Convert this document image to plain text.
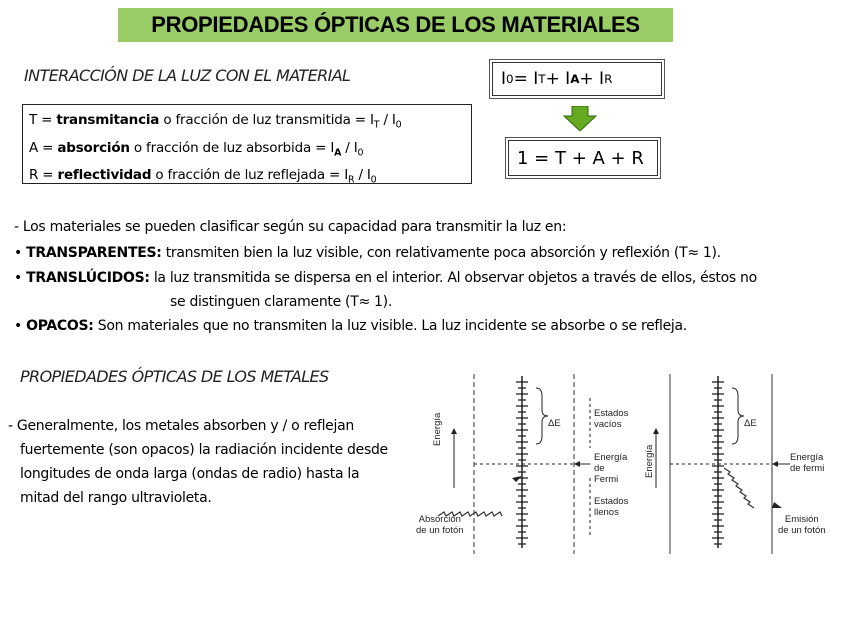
PROPIEDADES ÓPTICAS DE LOS MATERIALES
INTERACCIÓN DE LA LUZ CON EL MATERIAL
T = transmitancia o fracción de luz transmitida = $I_T / I_0$
A = absorción o fracción de luz absorbida = $I_A / I_0$
R = reflectividad o fracción de luz reflejada = $I_R / I_0$
I 0 = I T + I A + I R
1 = T + A + R
- Los materiales se pueden clasificar según su capacidad para transmitir la luz en:
• TRANSPARENTES: transmiten bien la luz visible, con relativamente poca absorción y reflexión (T≈ 1).
• TRANSLÚCIDOS: la luz transmitida se dispersa en el interior. Al observar objetos a través de ellos, éstos no
se distinguen claramente (T≈ 1).
• OPACOS: Son materiales que no transmiten la luz visible. La luz incidente se absorbe o se refleja.
PROPIEDADES ÓPTICAS DE LOS METALES
- Generalmente, los metales absorben y / o reflejan
fuertemente (son opacos) la radiación incidente desde
longitudes de onda larga (ondas de radio) hasta la
mitad del rango ultravioleta.
Energía	ΔE
Estados
vacíos
Energía
de Fermi
Estados
llenos
Absorción
de un fotón
Energía
ΔE
Energía
de fermi
Emisión
de un fotón
